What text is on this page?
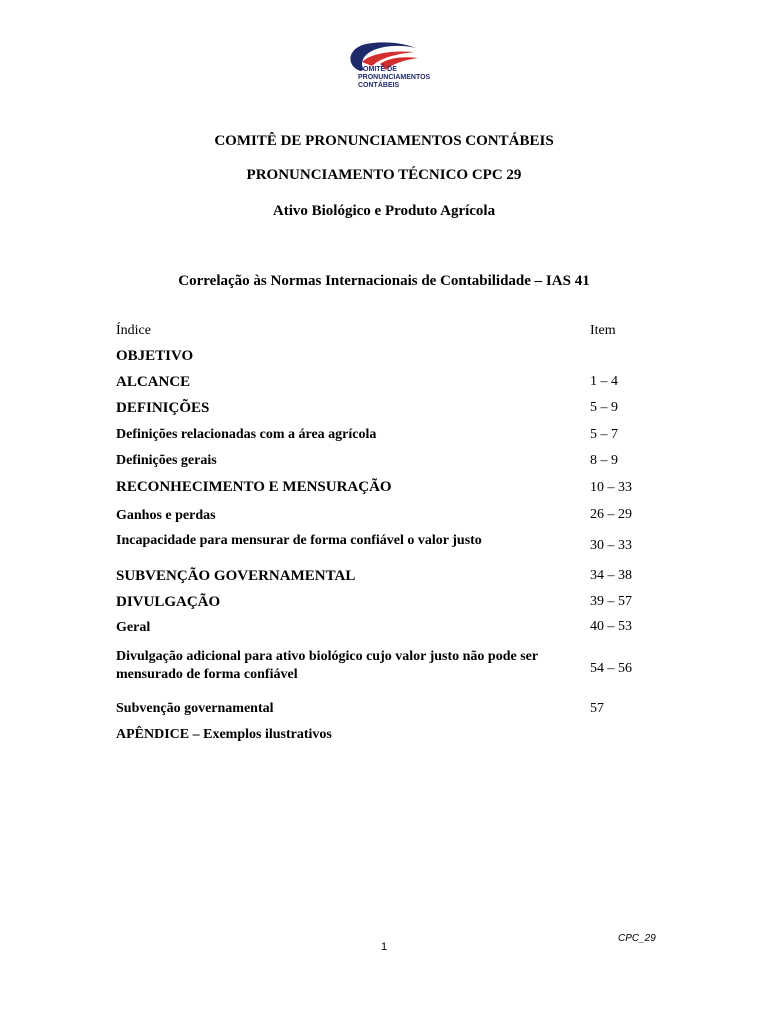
COMITÊ DE
PRONUNCIAMENTOS
CONTÁBEIS
COMITÊ DE PRONUNCIAMENTOS CONTÁBEIS
PRONUNCIAMENTO TÉCNICO CPC 29
Ativo Biológico e Produto Agrícola
Correlação às Normas Internacionais de Contabilidade – IAS 41
Índice	Item
OBJETIVO
ALCANCE	1 – 4
DEFINIÇÕES	5 – 9
Definições relacionadas com a área agrícola	5 – 7
Definições gerais	8 – 9
RECONHECIMENTO E MENSURAÇÃO	10 – 33
Ganhos e perdas	26 – 29
Incapacidade para mensurar de forma confiável o valor justo	30 – 33
SUBVENÇÃO GOVERNAMENTAL	34 – 38
DIVULGAÇÃO	39 – 57
Geral	40 – 53
Divulgação adicional para ativo biológico cujo valor justo não pode ser
mensurado de forma confiável	54 – 56
Subvenção governamental	57
APÊNDICE – Exemplos ilustrativos
CPC_29
1
